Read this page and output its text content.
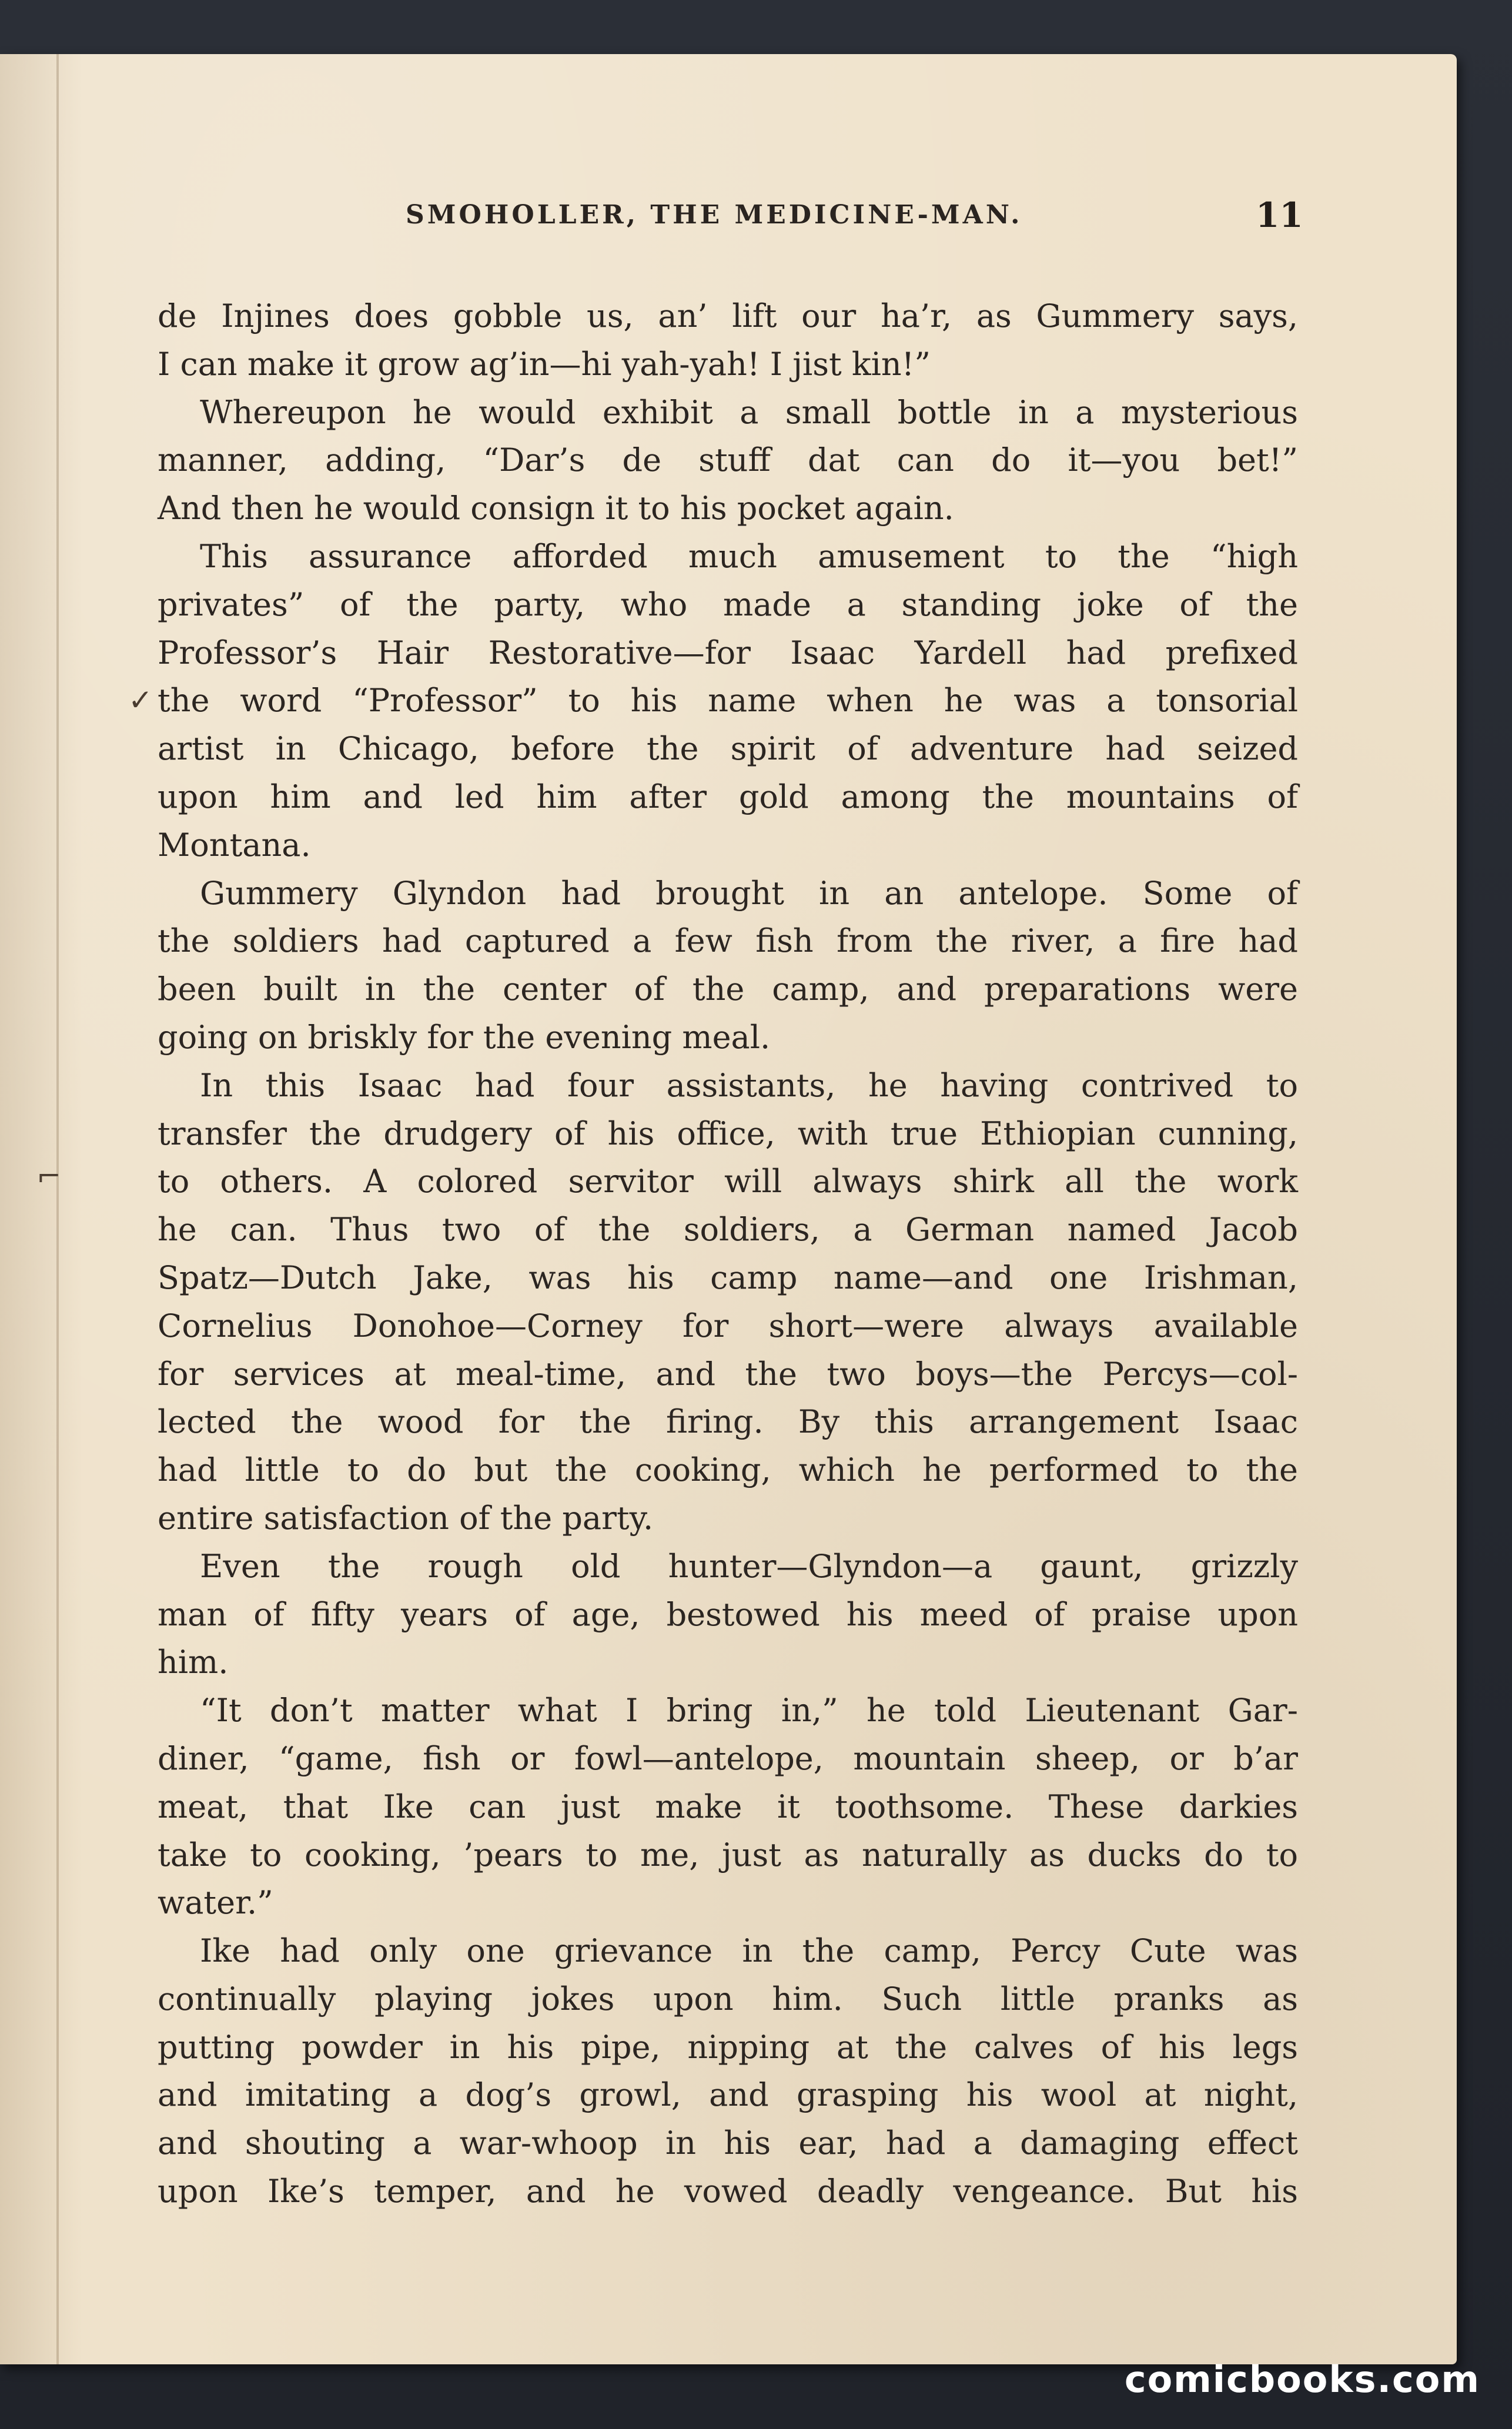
SMOHOLLER, THE MEDICINE-MAN.	11
de Injines does gobble us, an’ lift our ha’r, as Gummery says,
I can make it grow ag’in—hi yah-yah! I jist kin!”
Whereupon he would exhibit a small bottle in a mysterious
manner, adding, “Dar’s de stuff dat can do it—you bet!”
And then he would consign it to his pocket again.
This assurance afforded much amusement to the “high
privates” of the party, who made a standing joke of the
Professor’s Hair Restorative—for Isaac Yardell had prefixed
the word “Professor” to his name when he was a tonsorial
artist in Chicago, before the spirit of adventure had seized
upon him and led him after gold among the mountains of
Montana.
Gummery Glyndon had brought in an antelope. Some of
the soldiers had captured a few fish from the river, a fire had
been built in the center of the camp, and preparations were
going on briskly for the evening meal.
In this Isaac had four assistants, he having contrived to
transfer the drudgery of his office, with true Ethiopian cunning,
to others. A colored servitor will always shirk all the work
he can. Thus two of the soldiers, a German named Jacob
Spatz—Dutch Jake, was his camp name—and one Irishman,
Cornelius Donohoe—Corney for short—were always available
for services at meal-time, and the two boys—the Percys—col-
lected the wood for the firing. By this arrangement Isaac
had little to do but the cooking, which he performed to the
entire satisfaction of the party.
Even the rough old hunter—Glyndon—a gaunt, grizzly
man of fifty years of age, bestowed his meed of praise upon
him.
“It don’t matter what I bring in,” he told Lieutenant Gar-
diner, “game, fish or fowl—antelope, mountain sheep, or b’ar
meat, that Ike can just make it toothsome. These darkies
take to cooking, ’pears to me, just as naturally as ducks do to
water.”
Ike had only one grievance in the camp, Percy Cute was
continually playing jokes upon him. Such little pranks as
putting powder in his pipe, nipping at the calves of his legs
and imitating a dog’s growl, and grasping his wool at night,
and shouting a war-whoop in his ear, had a damaging effect
upon Ike’s temper, and he vowed deadly vengeance. But his
✓
⌐
comicbooks.com
